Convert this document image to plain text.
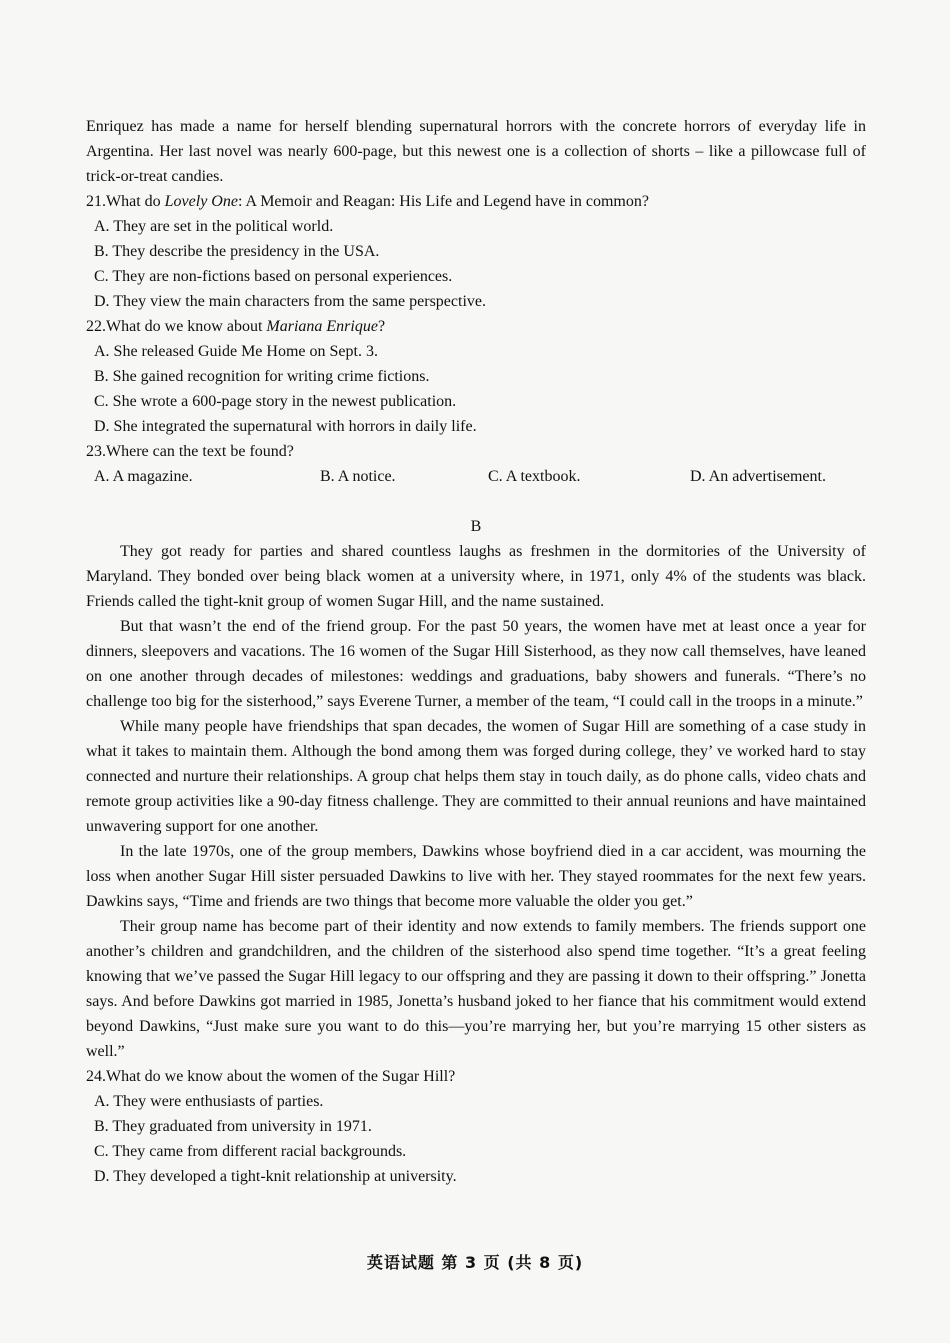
Enriquez has made a name for herself blending supernatural horrors with the concrete horrors of everyday life in Argentina. Her last novel was nearly 600-page, but this newest one is a collection of shorts – like a pillowcase full of trick-or-treat candies.

21.What do Lovely One: A Memoir and Reagan: His Life and Legend have in common?
A. They are set in the political world.
B. They describe the presidency in the USA.
C. They are non-fictions based on personal experiences.
D. They view the main characters from the same perspective.
22.What do we know about Mariana Enrique?
A. She released Guide Me Home on Sept. 3.
B. She gained recognition for writing crime fictions.
C. She wrote a 600-page story in the newest publication.
D. She integrated the supernatural with horrors in daily life.
23.Where can the text be found?
A. A magazine.	B. A notice.	C. A textbook.	D. An advertisement.
B

They got ready for parties and shared countless laughs as freshmen in the dormitories of the University of Maryland. They bonded over being black women at a university where, in 1971, only 4% of the students was black. Friends called the tight-knit group of women Sugar Hill, and the name sustained.

But that wasn’t the end of the friend group. For the past 50 years, the women have met at least once a year for dinners, sleepovers and vacations. The 16 women of the Sugar Hill Sisterhood, as they now call themselves, have leaned on one another through decades of milestones: weddings and graduations, baby showers and funerals. “There’s no challenge too big for the sisterhood,” says Everene Turner, a member of the team, “I could call in the troops in a minute.”

While many people have friendships that span decades, the women of Sugar Hill are something of a case study in what it takes to maintain them. Although the bond among them was forged during college, they’ ve worked hard to stay connected and nurture their relationships. A group chat helps them stay in touch daily, as do phone calls, video chats and remote group activities like a 90-day fitness challenge. They are committed to their annual reunions and have maintained unwavering support for one another.

In the late 1970s, one of the group members, Dawkins whose boyfriend died in a car accident, was mourning the loss when another Sugar Hill sister persuaded Dawkins to live with her. They stayed roommates for the next few years. Dawkins says, “Time and friends are two things that become more valuable the older you get.”

Their group name has become part of their identity and now extends to family members. The friends support one another’s children and grandchildren, and the children of the sisterhood also spend time together. “It’s a great feeling knowing that we’ve passed the Sugar Hill legacy to our offspring and they are passing it down to their offspring.” Jonetta says. And before Dawkins got married in 1985, Jonetta’s husband joked to her fiance that his commitment would extend beyond Dawkins, “Just make sure you want to do this—you’re marrying her, but you’re marrying 15 other sisters as well.”

24.What do we know about the women of the Sugar Hill?
A. They were enthusiasts of parties.
B. They graduated from university in 1971.
C. They came from different racial backgrounds.
D. They developed a tight-knit relationship at university.
英语试题 第 3 页 (共 8 页)
